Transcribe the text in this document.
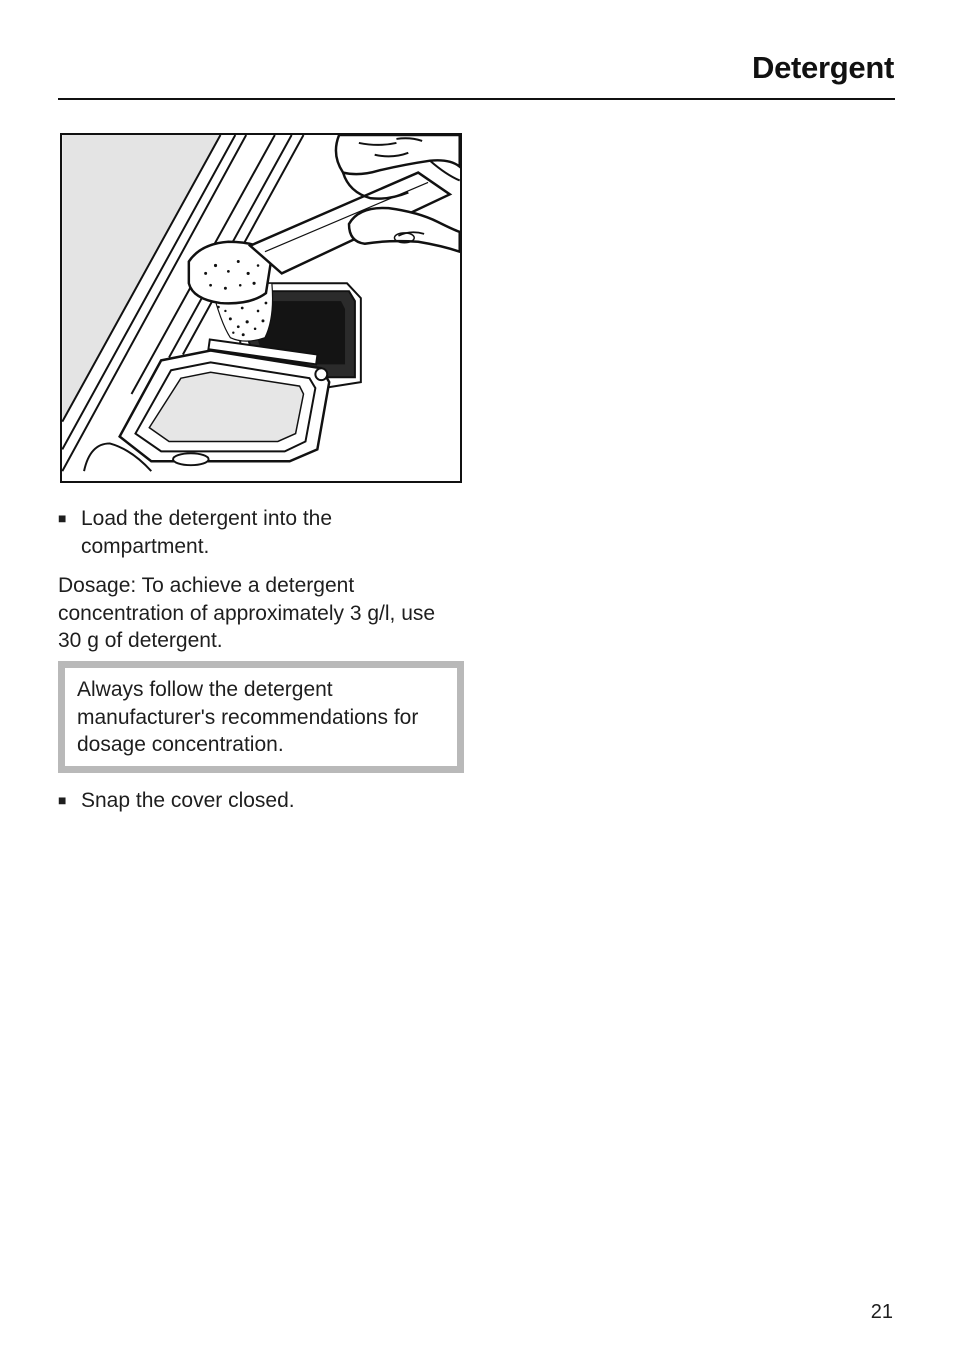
Detergent
■ Load the detergent into the compartment.
Dosage: To achieve a detergent concentration of approximately 3 g/l, use 30 g of detergent.
Always follow the detergent manufacturer's recommendations for dosage concentration.
■ Snap the cover closed.
21
